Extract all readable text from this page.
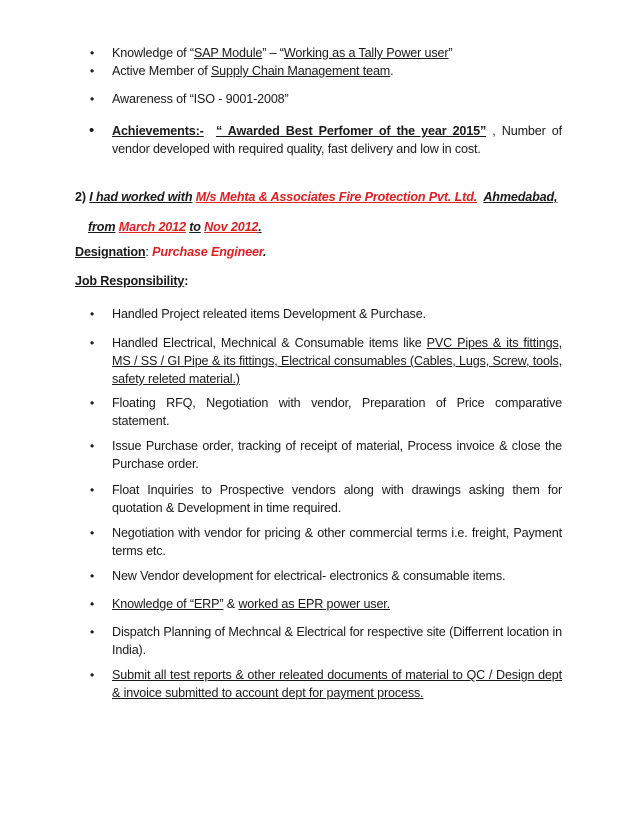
• Knowledge of “SAP Module” – “Working as a Tally Power user”
• Active Member of Supply Chain Management team.
• Awareness of “ISO - 9001-2008”
• Achievements:- “ Awarded Best Perfomer of the year 2015” , Number of vendor developed with required quality, fast delivery and low in cost.
2) I had worked with M/s Mehta & Associates Fire Protection Pvt. Ltd. Ahmedabad,
from March 2012 to Nov 2012.
Designation: Purchase Engineer.
Job Responsibility:
• Handled Project releated items Development & Purchase.
• Handled Electrical, Mechnical & Consumable items like PVC Pipes & its fittings, MS / SS / GI Pipe & its fittings, Electrical consumables (Cables, Lugs, Screw, tools, safety releted material.)
• Floating RFQ, Negotiation with vendor, Preparation of Price comparative statement.
• Issue Purchase order, tracking of receipt of material, Process invoice & close the Purchase order.
• Float Inquiries to Prospective vendors along with drawings asking them for quotation & Development in time required.
• Negotiation with vendor for pricing & other commercial terms i.e. freight, Payment terms etc.
• New Vendor development for electrical- electronics & consumable items.
• Knowledge of “ERP” & worked as EPR power user.
• Dispatch Planning of Mechncal & Electrical for respective site (Differrent location in India).
• Submit all test reports & other releated documents of material to QC / Design dept & invoice submitted to account dept for payment process.
